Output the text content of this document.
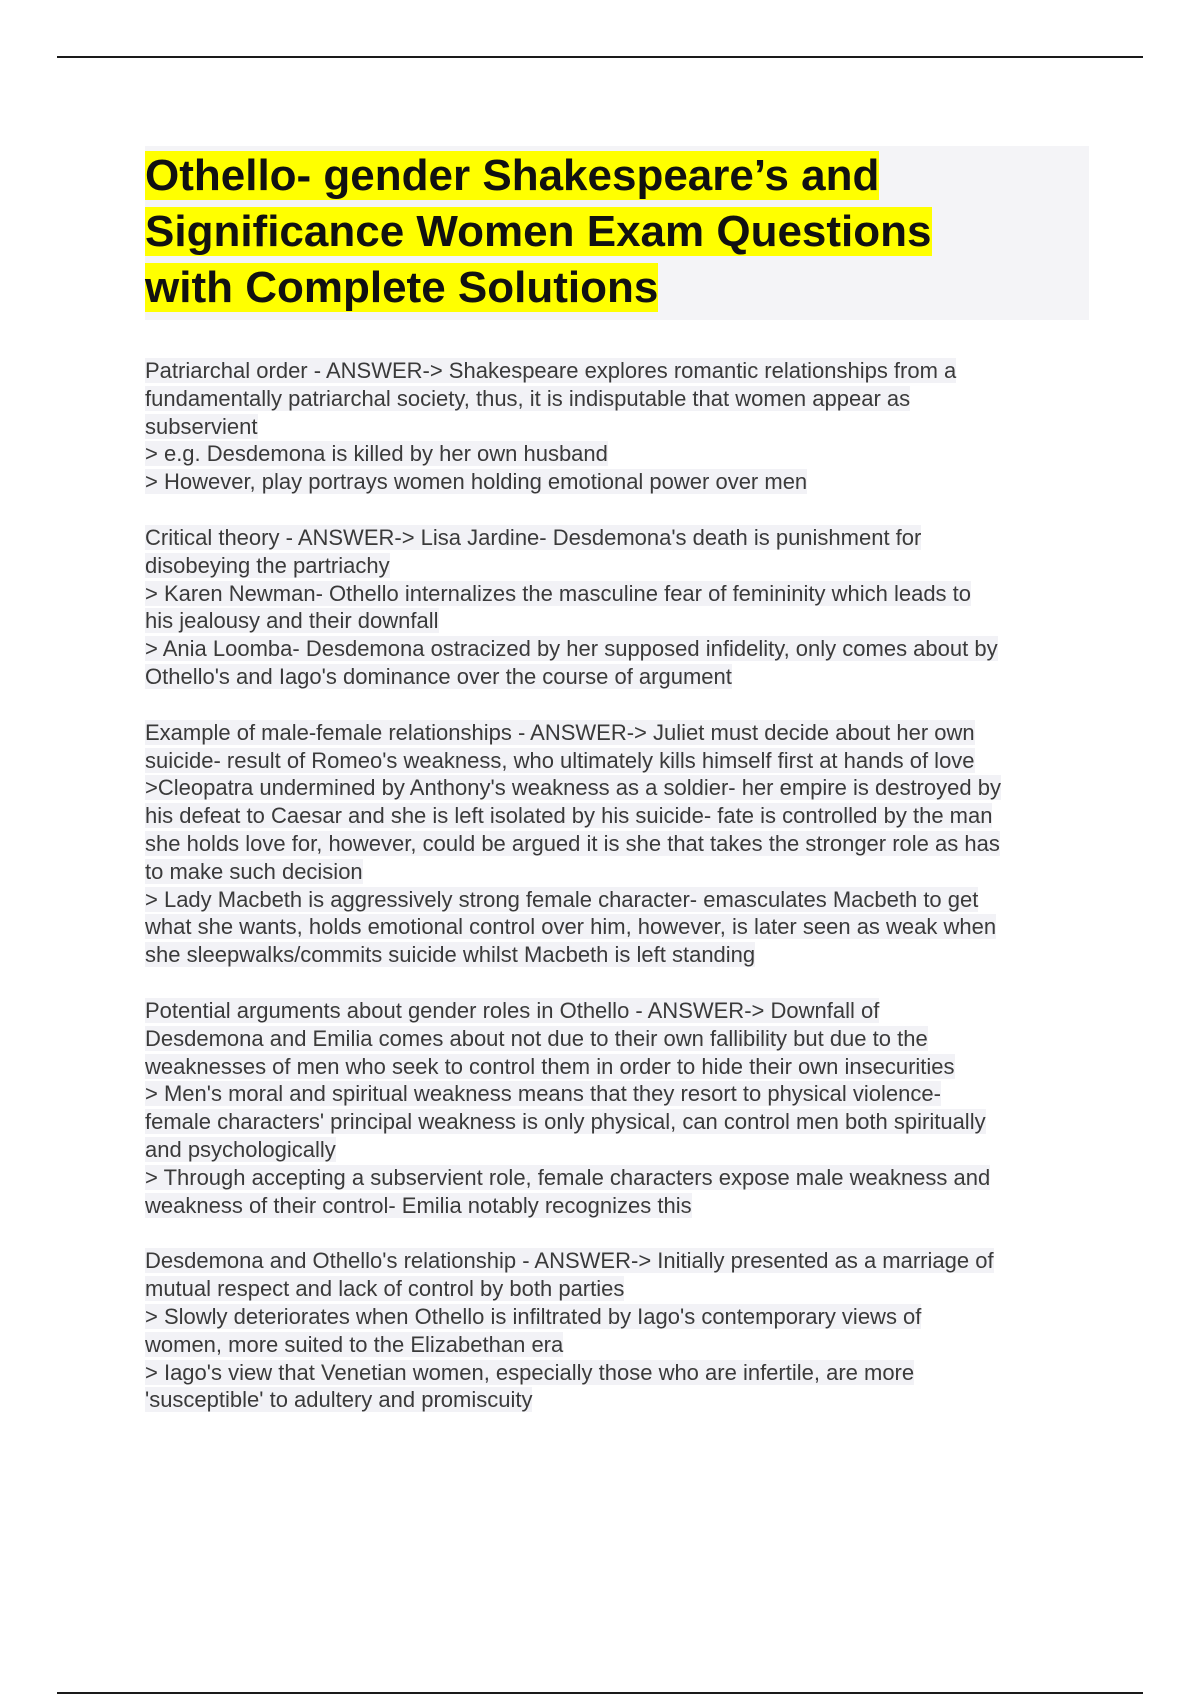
Othello- gender Shakespeare’s and

Significance Women Exam Questions

with Complete Solutions

Patriarchal order - ANSWER-> Shakespeare explores romantic relationships from a
fundamentally patriarchal society, thus, it is indisputable that women appear as
subservient
> e.g. Desdemona is killed by her own husband
> However, play portrays women holding emotional power over men
Critical theory - ANSWER-> Lisa Jardine- Desdemona's death is punishment for
disobeying the partriachy
> Karen Newman- Othello internalizes the masculine fear of femininity which leads to
his jealousy and their downfall
> Ania Loomba- Desdemona ostracized by her supposed infidelity, only comes about by
Othello's and Iago's dominance over the course of argument
Example of male-female relationships - ANSWER-> Juliet must decide about her own
suicide- result of Romeo's weakness, who ultimately kills himself first at hands of love
>Cleopatra undermined by Anthony's weakness as a soldier- her empire is destroyed by
his defeat to Caesar and she is left isolated by his suicide- fate is controlled by the man
she holds love for, however, could be argued it is she that takes the stronger role as has
to make such decision
> Lady Macbeth is aggressively strong female character- emasculates Macbeth to get
what she wants, holds emotional control over him, however, is later seen as weak when
she sleepwalks/commits suicide whilst Macbeth is left standing
Potential arguments about gender roles in Othello - ANSWER-> Downfall of
Desdemona and Emilia comes about not due to their own fallibility but due to the
weaknesses of men who seek to control them in order to hide their own insecurities
> Men's moral and spiritual weakness means that they resort to physical violence-
female characters' principal weakness is only physical, can control men both spiritually
and psychologically
> Through accepting a subservient role, female characters expose male weakness and
weakness of their control- Emilia notably recognizes this
Desdemona and Othello's relationship - ANSWER-> Initially presented as a marriage of
mutual respect and lack of control by both parties
> Slowly deteriorates when Othello is infiltrated by Iago's contemporary views of
women, more suited to the Elizabethan era
> Iago's view that Venetian women, especially those who are infertile, are more
'susceptible' to adultery and promiscuity
